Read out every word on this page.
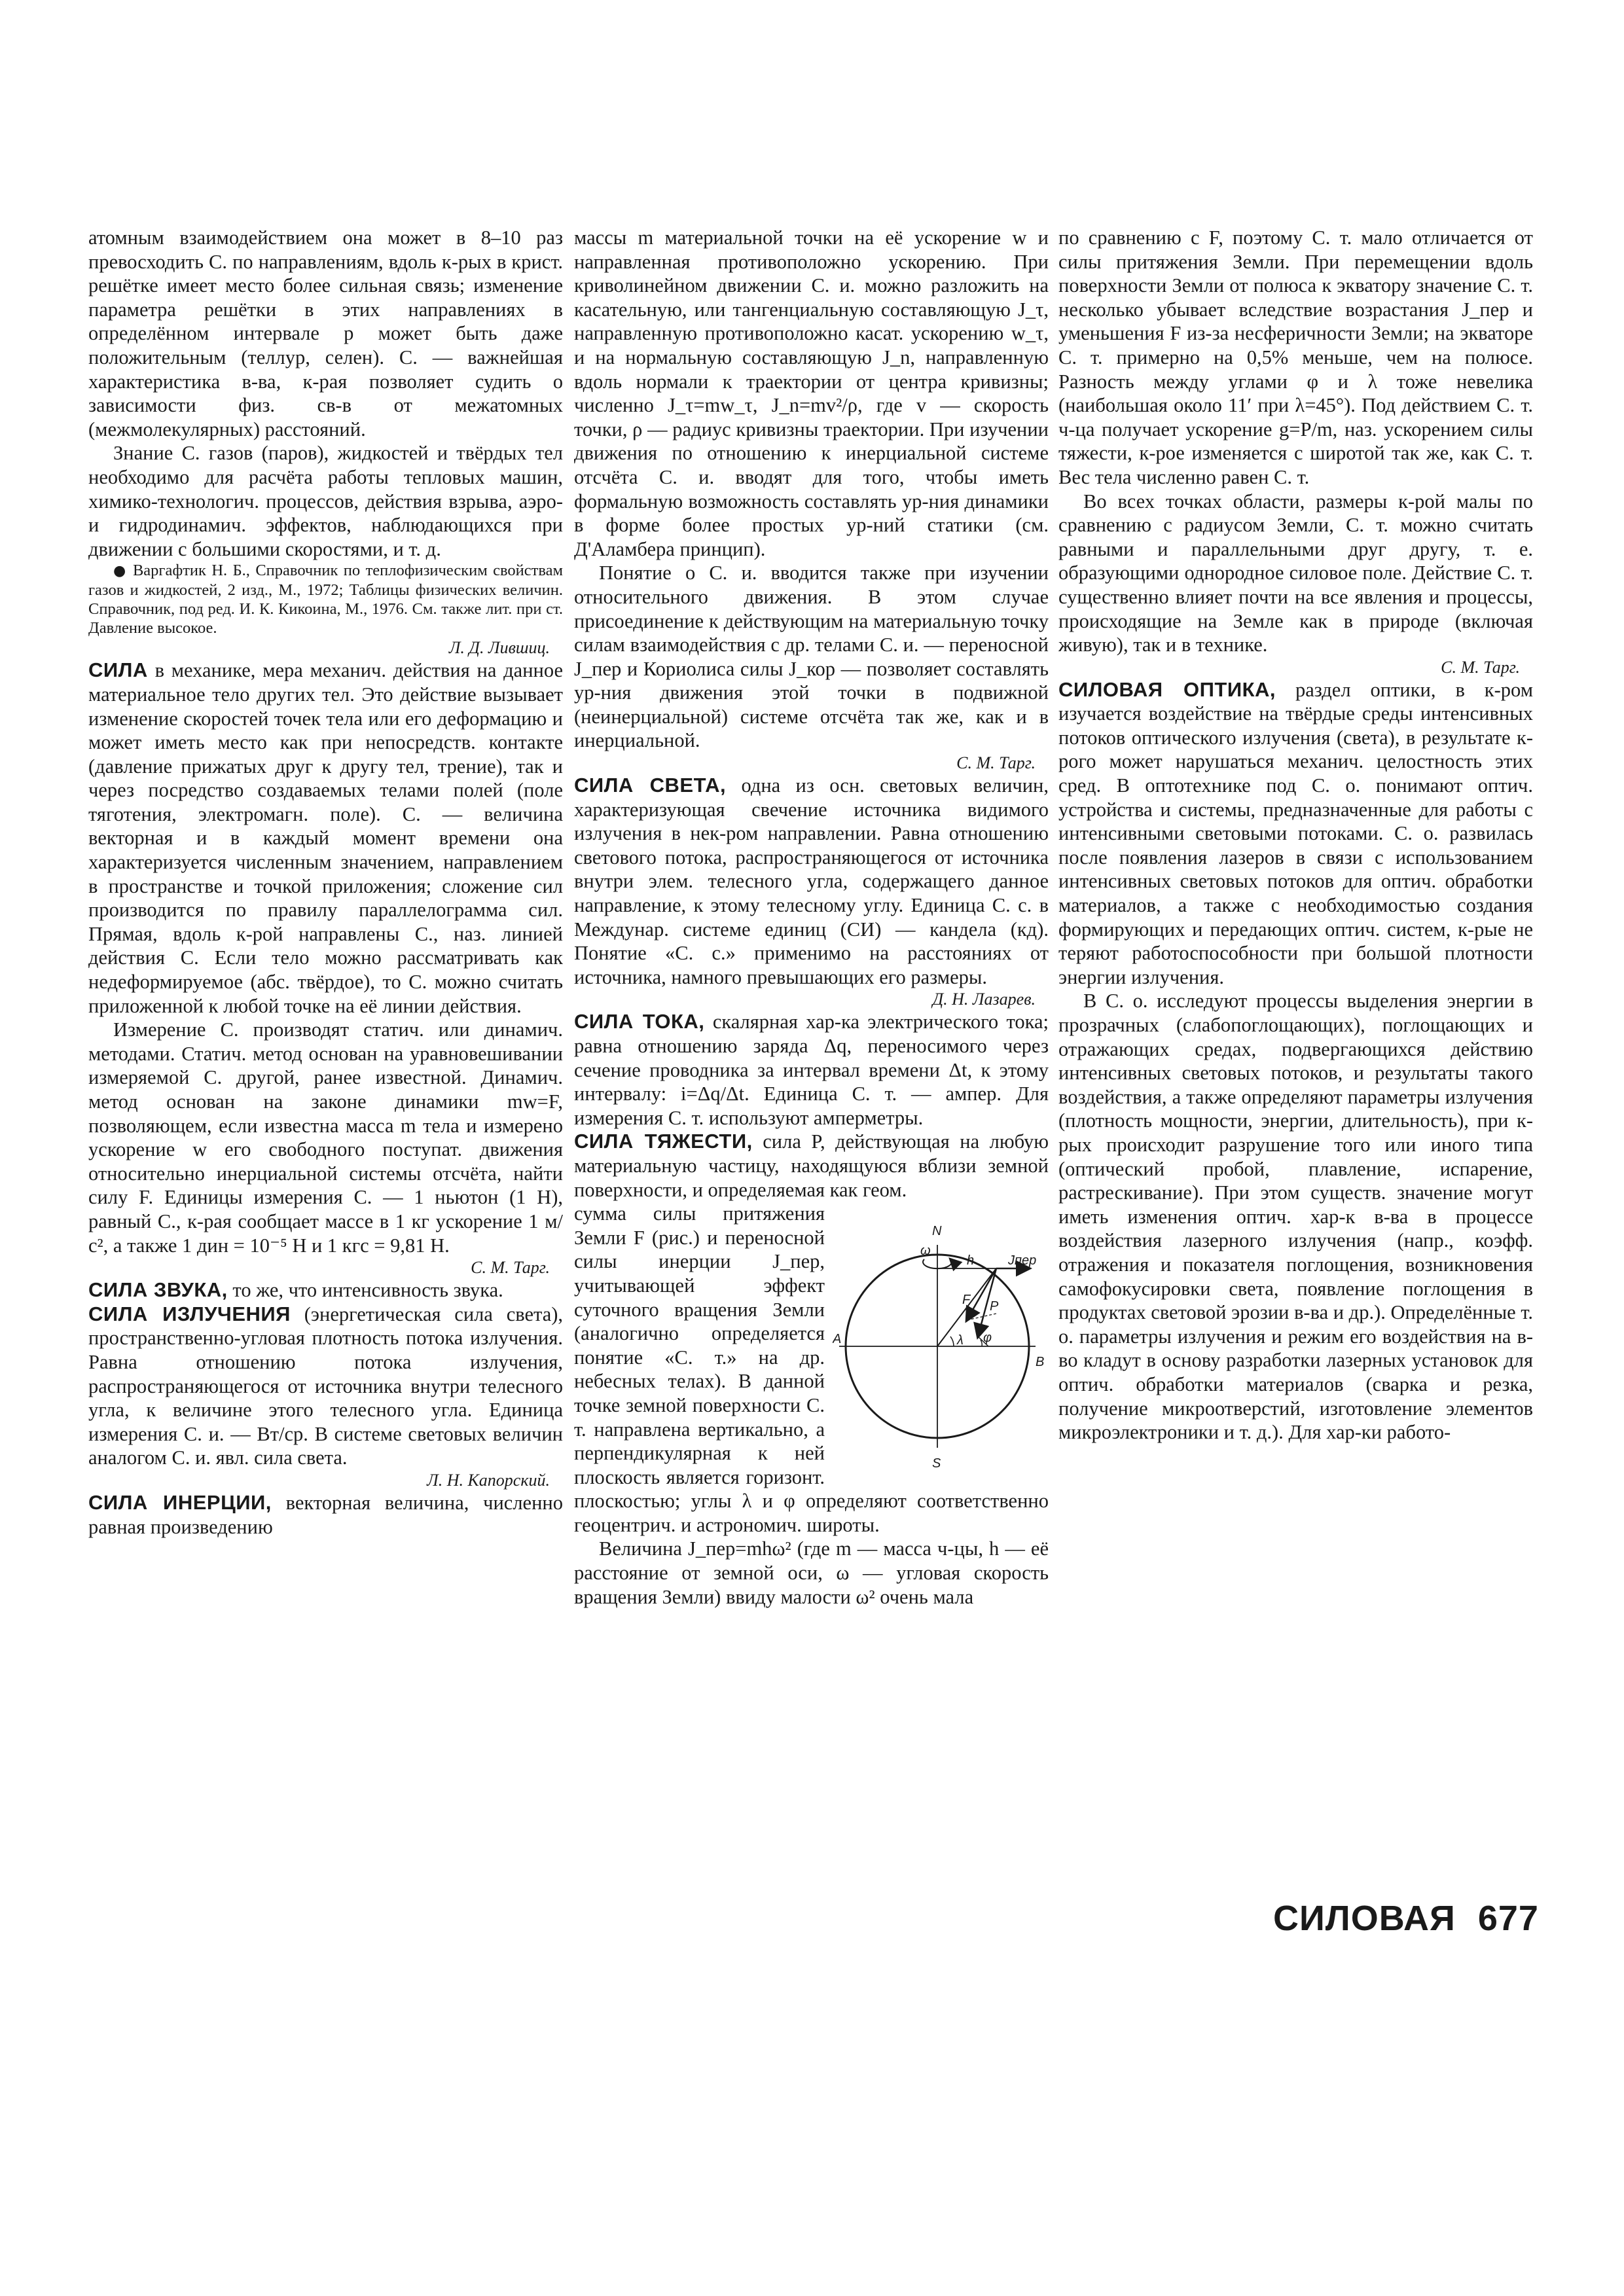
атомным взаимодействием она может в 8–10 раз превосходить С. по направлениям, вдоль к-рых в крист. решётке имеет место более сильная связь; изменение параметра решётки в этих направлениях в определённом интервале p может быть даже положительным (теллур, селен). С. — важнейшая характеристика в-ва, к-рая позволяет судить о зависимости физ. св-в от межатомных (межмолекулярных) расстояний.

Знание С. газов (паров), жидкостей и твёрдых тел необходимо для расчёта работы тепловых машин, химико-технологич. процессов, действия взрыва, аэро- и гидродинамич. эффектов, наблюдающихся при движении с большими скоростями, и т. д.

● Варгафтик Н. Б., Справочник по теплофизическим свойствам газов и жидкостей, 2 изд., М., 1972; Таблицы физических величин. Справочник, под ред. И. К. Кикоина, М., 1976. См. также лит. при ст. Давление высокое.
Л. Д. Лившиц.

СИЛА в механике, мера механич. действия на данное материальное тело других тел. Это действие вызывает изменение скоростей точек тела или его деформацию и может иметь место как при непосредств. контакте (давление прижатых друг к другу тел, трение), так и через посредство создаваемых телами полей (поле тяготения, электромагн. поле). С. — величина векторная и в каждый момент времени она характеризуется численным значением, направлением в пространстве и точкой приложения; сложение сил производится по правилу параллелограмма сил. Прямая, вдоль к-рой направлены С., наз. линией действия С. Если тело можно рассматривать как недеформируемое (абс. твёрдое), то С. можно считать приложенной к любой точке на её линии действия.

Измерение С. производят статич. или динамич. методами. Статич. метод основан на уравновешивании измеряемой С. другой, ранее известной. Динамич. метод основан на законе динамики mw=F, позволяющем, если известна масса m тела и измерено ускорение w его свободного поступат. движения относительно инерциальной системы отсчёта, найти силу F. Единицы измерения С. — 1 ньютон (1 Н), равный С., к-рая сообщает массе в 1 кг ускорение 1 м/с², а также 1 дин = 10⁻⁵ Н и 1 кгс = 9,81 Н.
С. М. Тарг.

СИЛА ЗВУКА, то же, что интенсивность звука.

СИЛА ИЗЛУЧЕНИЯ (энергетическая сила света), пространственно-угловая плотность потока излучения. Равна отношению потока излучения, распространяющегося от источника внутри телесного угла, к величине этого телесного угла. Единица измерения С. и. — Вт/ср. В системе световых величин аналогом С. и. явл. сила света.
Л. Н. Капорский.

СИЛА ИНЕРЦИИ, векторная величина, численно равная произведению

массы m материальной точки на её ускорение w и направленная противоположно ускорению. При криволинейном движении С. и. можно разложить на касательную, или тангенциальную составляющую J_τ, направленную противоположно касат. ускорению w_τ, и на нормальную составляющую J_n, направленную вдоль нормали к траектории от центра кривизны; численно J_τ=mw_τ, J_n=mv²/ρ, где v — скорость точки, ρ — радиус кривизны траектории. При изучении движения по отношению к инерциальной системе отсчёта С. и. вводят для того, чтобы иметь формальную возможность составлять ур-ния динамики в форме более простых ур-ний статики (см. Д'Аламбера принцип).

Понятие о С. и. вводится также при изучении относительного движения. В этом случае присоединение к действующим на материальную точку силам взаимодействия с др. телами С. и. — переносной J_пер и Кориолиса силы J_кор — позволяет составлять ур-ния движения этой точки в подвижной (неинерциальной) системе отсчёта так же, как и в инерциальной.
С. М. Тарг.

СИЛА СВЕТА, одна из осн. световых величин, характеризующая свечение источника видимого излучения в нек-ром направлении. Равна отношению светового потока, распространяющегося от источника внутри элем. телесного угла, содержащего данное направление, к этому телесному углу. Единица С. с. в Междунар. системе единиц (СИ) — кандела (кд). Понятие «С. с.» применимо на расстояниях от источника, намного превышающих его размеры.
Д. Н. Лазарев.

СИЛА ТОКА, скалярная хар-ка электрического тока; равна отношению заряда Δq, переносимого через сечение проводника за интервал времени Δt, к этому интервалу: i=Δq/Δt. Единица С. т. — ампер. Для измерения С. т. используют амперметры.

СИЛА ТЯЖЕСТИ, сила P, действующая на любую материальную частицу, находящуюся вблизи земной поверхности, и определяемая как геом.

N
S
A
B
ω
h	Jпер
F P
λ φ

сумма силы притяжения Земли F (рис.) и переносной силы инерции J_пер, учитывающей эффект суточного вращения Земли (аналогично определяется понятие «С. т.» на др. небесных телах). В данной точке земной поверхности С. т. направлена вертикально, а перпендикулярная к ней плоскость является горизонт. плоскостью; углы λ и φ определяют соответственно геоцентрич. и астрономич. широты.

Величина J_пер=mhω² (где m — масса ч-цы, h — её расстояние от земной оси, ω — угловая скорость вращения Земли) ввиду малости ω² очень мала

по сравнению с F, поэтому С. т. мало отличается от силы притяжения Земли. При перемещении вдоль поверхности Земли от полюса к экватору значение С. т. несколько убывает вследствие возрастания J_пер и уменьшения F из-за несферичности Земли; на экваторе С. т. примерно на 0,5% меньше, чем на полюсе. Разность между углами φ и λ тоже невелика (наибольшая около 11′ при λ=45°). Под действием С. т. ч-ца получает ускорение g=P/m, наз. ускорением силы тяжести, к-рое изменяется с широтой так же, как С. т. Вес тела численно равен С. т.

Во всех точках области, размеры к-рой малы по сравнению с радиусом Земли, С. т. можно считать равными и параллельными друг другу, т. е. образующими однородное силовое поле. Действие С. т. существенно влияет почти на все явления и процессы, происходящие на Земле как в природе (включая живую), так и в технике.
С. М. Тарг.

СИЛОВАЯ ОПТИКА, раздел оптики, в к-ром изучается воздействие на твёрдые среды интенсивных потоков оптического излучения (света), в результате к-рого может нарушаться механич. целостность этих сред. В оптотехнике под С. о. понимают оптич. устройства и системы, предназначенные для работы с интенсивными световыми потоками. С. о. развилась после появления лазеров в связи с использованием интенсивных световых потоков для оптич. обработки материалов, а также с необходимостью создания формирующих и передающих оптич. систем, к-рые не теряют работоспособности при большой плотности энергии излучения.

В С. о. исследуют процессы выделения энергии в прозрачных (слабопоглощающих), поглощающих и отражающих средах, подвергающихся действию интенсивных световых потоков, и результаты такого воздействия, а также определяют параметры излучения (плотность мощности, энергии, длительность), при к-рых происходит разрушение того или иного типа (оптический пробой, плавление, испарение, растрескивание). При этом существ. значение могут иметь изменения оптич. хар-к в-ва в процессе воздействия лазерного излучения (напр., коэфф. отражения и показателя поглощения, возникновения самофокусировки света, появление поглощения в продуктах световой эрозии в-ва и др.). Определённые т. о. параметры излучения и режим его воздействия на в-во кладут в основу разработки лазерных установок для оптич. обработки материалов (сварка и резка, получение микроотверстий, изготовление элементов микроэлектроники и т. д.). Для хар-ки работо-

СИЛОВАЯ 677
